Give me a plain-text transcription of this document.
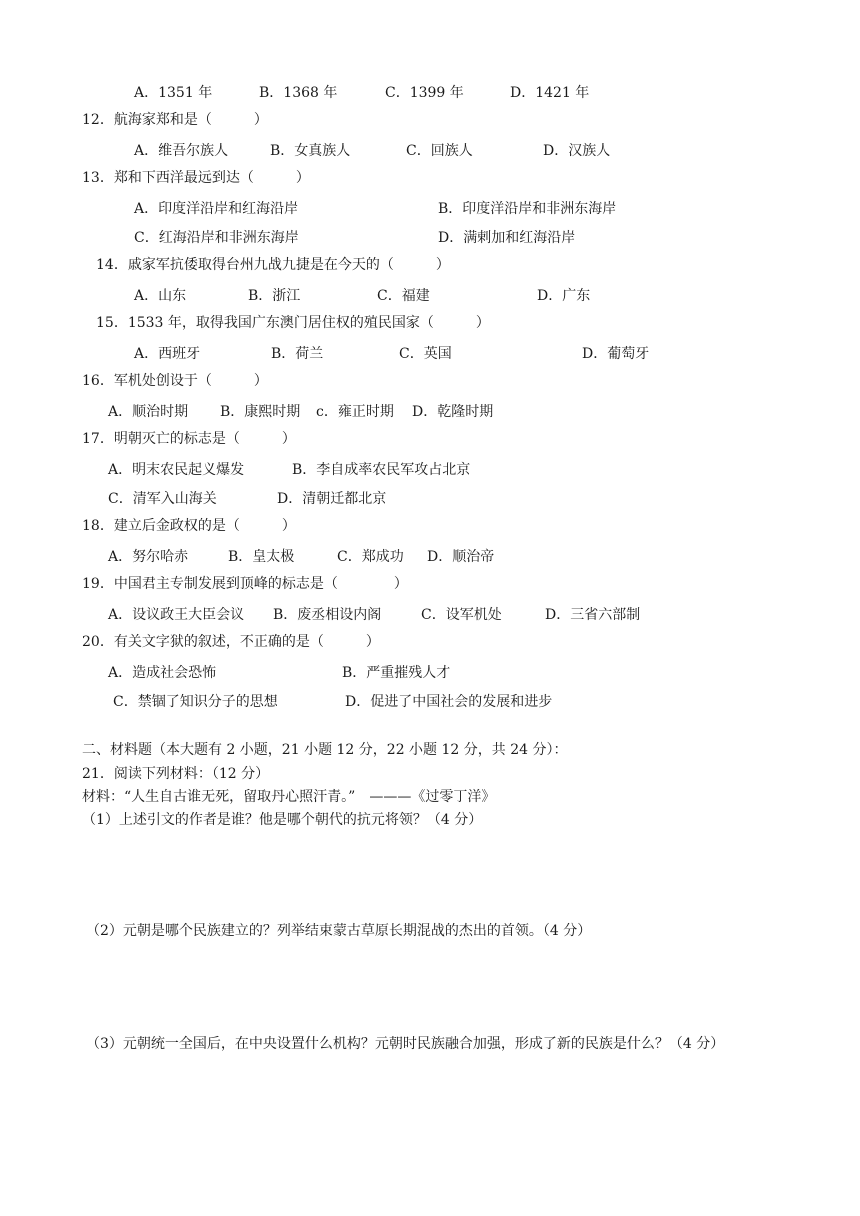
A．1351 年	B．1368 年	C．1399 年	D．1421 年
12．航海家郑和是（　　　）
A．维吾尔族人	B．女真族人	C．回族人	D．汉族人
13．郑和下西洋最远到达（　　　）
A．印度洋沿岸和红海沿岸	B．印度洋沿岸和非洲东海岸
C．红海沿岸和非洲东海岸	D．满剌加和红海沿岸
14．戚家军抗倭取得台州九战九捷是在今天的（　　　）
A．山东	B．浙江	C．福建	D．广东
15．1533 年，取得我国广东澳门居住权的殖民国家（　　　）
A．西班牙	B．荷兰	C．英国	D．葡萄牙
16．军机处创设于（　　　）
A．顺治时期 B．康熙时期 c．雍正时期 D．乾隆时期
17．明朝灭亡的标志是（　　　）
A．明末农民起义爆发	B．李自成率农民军攻占北京
C．清军入山海关	D．清朝迁都北京
18．建立后金政权的是（　　　）
A．努尔哈赤	B．皇太极	C．郑成功 D．顺治帝
19．中国君主专制发展到顶峰的标志是（　　　　）
A．设议政王大臣会议 B．废丞相设内阁	C．设军机处	D．三省六部制
20．有关文字狱的叙述，不正确的是（　　　）
A．造成社会恐怖	B．严重摧残人才
C．禁锢了知识分子的思想	D．促进了中国社会的发展和进步
二、材料题（本大题有 2 小题，21 小题 12 分，22 小题 12 分，共 24 分）：
21．阅读下列材料：（12 分）
材料：“人生自古谁无死，留取丹心照汗青。”　———《过零丁洋》
（1）上述引文的作者是谁？他是哪个朝代的抗元将领？（4 分）
（2）元朝是哪个民族建立的？列举结束蒙古草原长期混战的杰出的首领。（4 分）
（3）元朝统一全国后，在中央设置什么机构？元朝时民族融合加强，形成了新的民族是什么？（4 分）
